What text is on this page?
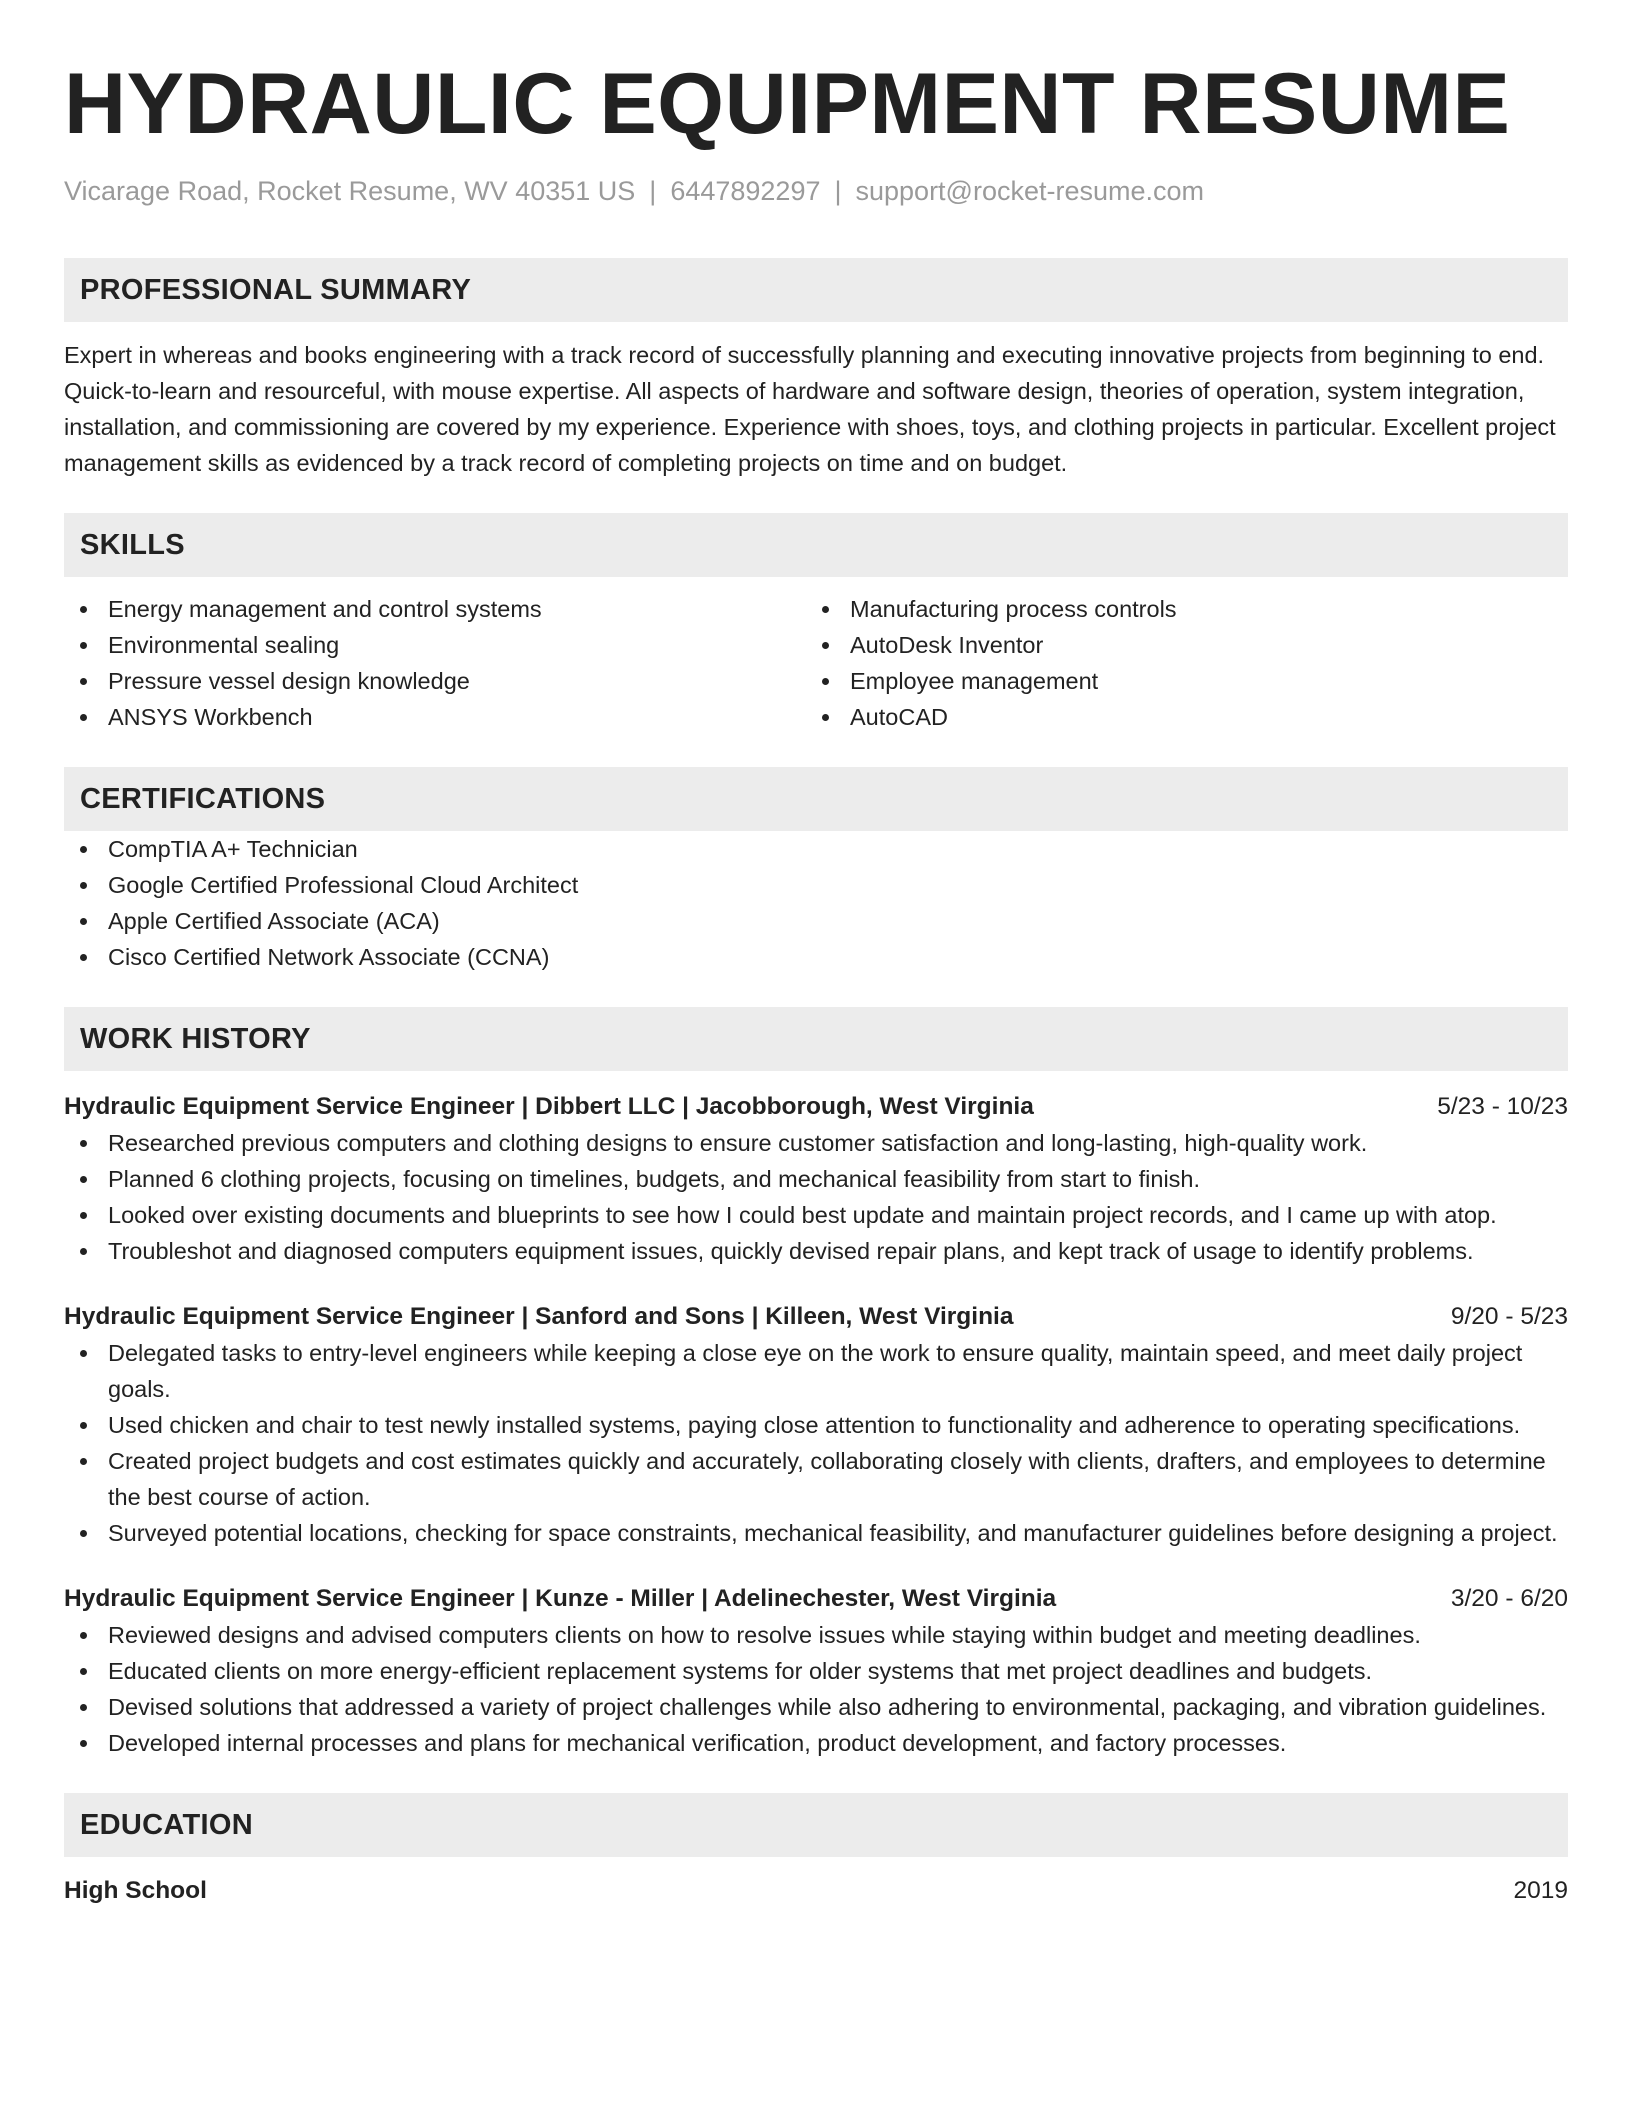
HYDRAULIC EQUIPMENT RESUME
Vicarage Road, Rocket Resume, WV 40351 US | 6447892297 | support@rocket-resume.com
PROFESSIONAL SUMMARY

Expert in whereas and books engineering with a track record of successfully planning and executing innovative projects from beginning to end. Quick-to-learn and resourceful, with mouse expertise. All aspects of hardware and software design, theories of operation, system integration, installation, and commissioning are covered by my experience. Experience with shoes, toys, and clothing projects in particular. Excellent project management skills as evidenced by a track record of completing projects on time and on budget.

SKILLS
Energy management and control systems
Environmental sealing
Pressure vessel design knowledge
ANSYS Workbench
Manufacturing process controls
AutoDesk Inventor
Employee management
AutoCAD
CERTIFICATIONS
CompTIA A+ Technician
Google Certified Professional Cloud Architect
Apple Certified Associate (ACA)
Cisco Certified Network Associate (CCNA)
WORK HISTORY
Hydraulic Equipment Service Engineer | Dibbert LLC | Jacobborough, West Virginia	5/23 - 10/23
Researched previous computers and clothing designs to ensure customer satisfaction and long-lasting, high-quality work.
Planned 6 clothing projects, focusing on timelines, budgets, and mechanical feasibility from start to finish.
Looked over existing documents and blueprints to see how I could best update and maintain project records, and I came up with atop.
Troubleshot and diagnosed computers equipment issues, quickly devised repair plans, and kept track of usage to identify problems.
Hydraulic Equipment Service Engineer | Sanford and Sons | Killeen, West Virginia	9/20 - 5/23
Delegated tasks to entry-level engineers while keeping a close eye on the work to ensure quality, maintain speed, and meet daily project goals.
Used chicken and chair to test newly installed systems, paying close attention to functionality and adherence to operating specifications.
Created project budgets and cost estimates quickly and accurately, collaborating closely with clients, drafters, and employees to determine the best course of action.
Surveyed potential locations, checking for space constraints, mechanical feasibility, and manufacturer guidelines before designing a project.
Hydraulic Equipment Service Engineer | Kunze - Miller | Adelinechester, West Virginia	3/20 - 6/20
Reviewed designs and advised computers clients on how to resolve issues while staying within budget and meeting deadlines.
Educated clients on more energy-efficient replacement systems for older systems that met project deadlines and budgets.
Devised solutions that addressed a variety of project challenges while also adhering to environmental, packaging, and vibration guidelines.
Developed internal processes and plans for mechanical verification, product development, and factory processes.
EDUCATION
High School	2019
